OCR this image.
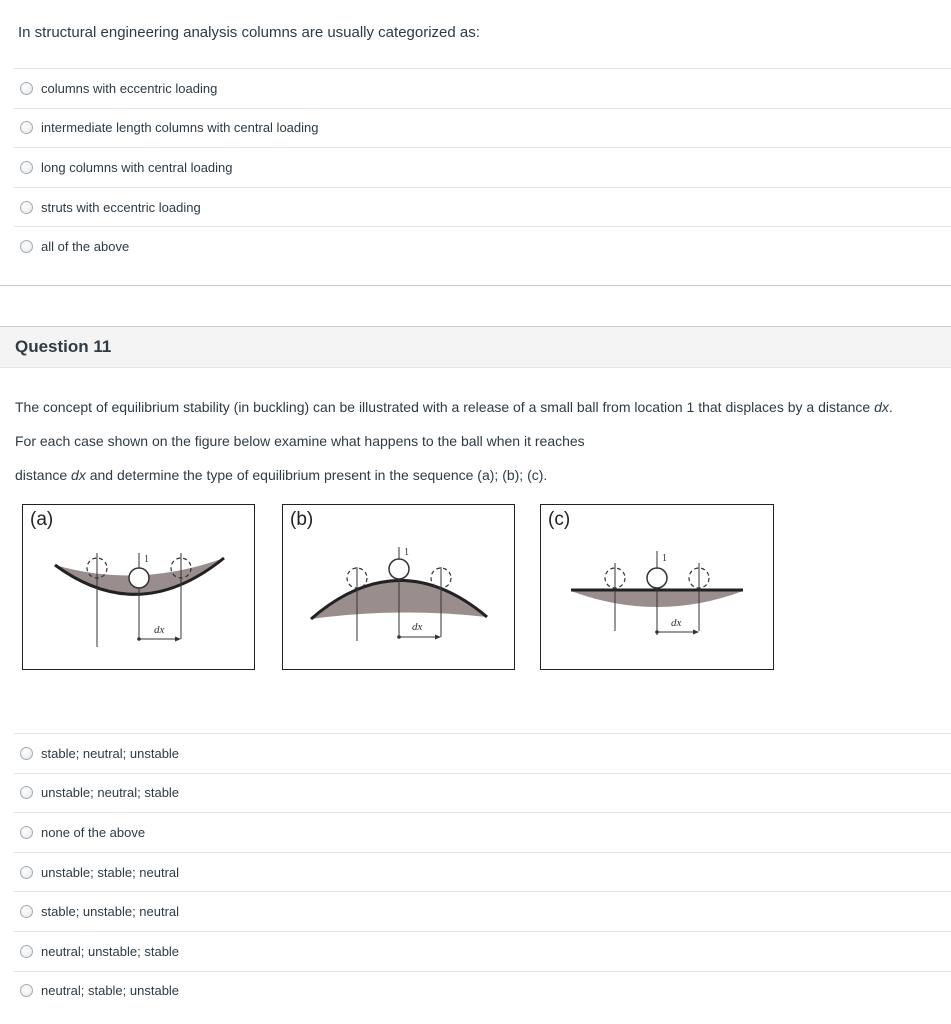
In structural engineering analysis columns are usually categorized as:
columns with eccentric loading
intermediate length columns with central loading
long columns with central loading
struts with eccentric loading
all of the above
Question 11

The concept of equilibrium stability (in buckling) can be illustrated with a release of a small ball from location 1 that displaces by a distance dx.

For each case shown on the figure below examine what happens to the ball when it reaches

distance dx and determine the type of equilibrium present in the sequence (a); (b); (c).

(a)
1
dx
(b)
1
dx
(c)
1
dx
stable; neutral; unstable
unstable; neutral; stable
none of the above
unstable; stable; neutral
stable; unstable; neutral
neutral; unstable; stable
neutral; stable; unstable
